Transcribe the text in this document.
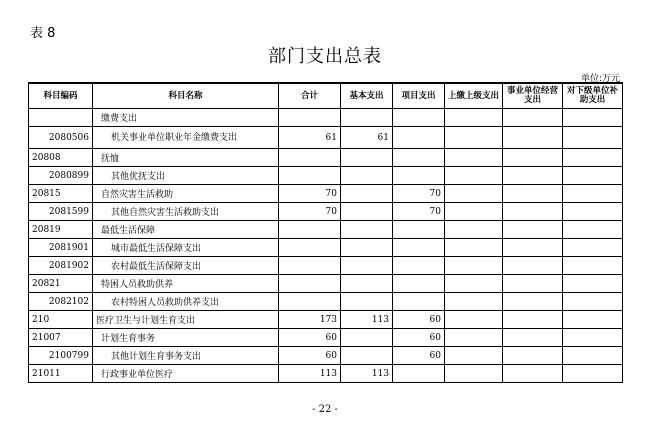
表 8
部门支出总表
单位:万元
科目编码	科目名称	合计	基本支出	项目支出	上缴上级支出	事业单位经营支出	对下级单位补助支出
	缴费支出						
2080506	机关事业单位职业年金缴费支出	61	61				
20808	抚恤						
2080899	其他优抚支出						
20815	自然灾害生活救助	70		70			
2081599	其他自然灾害生活救助支出	70		70			
20819	最低生活保障						
2081901	城市最低生活保障支出						
2081902	农村最低生活保障支出						
20821	特困人员救助供养						
2082102	农村特困人员救助供养支出						
210	医疗卫生与计划生育支出	173	113	60			
21007	计划生育事务	60		60			
2100799	其他计划生育事务支出	60		60			
21011	行政事业单位医疗	113	113				
- 22 -
